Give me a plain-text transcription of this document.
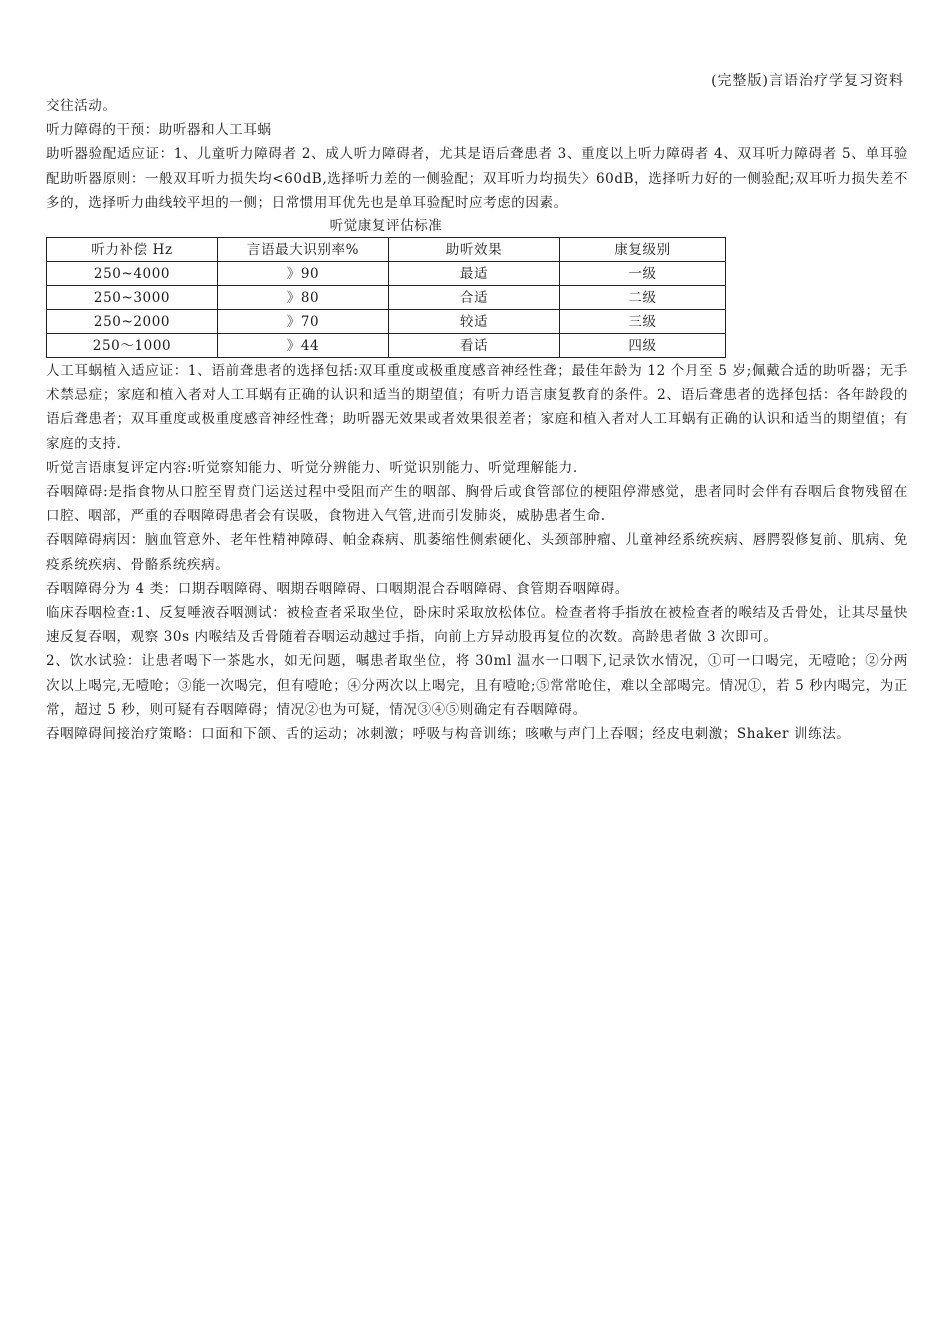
(完整版)言语治疗学复习资料

交往活动。

听力障碍的干预：助听器和人工耳蜗

助听器验配适应证：1、儿童听力障碍者 2、成人听力障碍者，尤其是语后聋患者 3、重度以上听力障碍者 4、双耳听力障碍者 5、单耳验配助听器原则：一般双耳听力损失均<60dB,选择听力差的一侧验配；双耳听力均损失〉60dB，选择听力好的一侧验配;双耳听力损失差不多的，选择听力曲线较平坦的一侧；日常惯用耳优先也是单耳验配时应考虑的因素。

听觉康复评估标准
听力补偿 Hz	言语最大识别率%	助听效果	康复级别
250~4000	》90	最适	一级
250~3000	》80	合适	二级
250~2000	》70	较适	三级
250～1000	》44	看话	四级

人工耳蜗植入适应证：1、语前聋患者的选择包括:双耳重度或极重度感音神经性聋；最佳年龄为 12 个月至 5 岁;佩戴合适的助听器；无手术禁忌症；家庭和植入者对人工耳蜗有正确的认识和适当的期望值；有听力语言康复教育的条件。2、语后聋患者的选择包括：各年龄段的语后聋患者；双耳重度或极重度感音神经性聋；助听器无效果或者效果很差者；家庭和植入者对人工耳蜗有正确的认识和适当的期望值；有家庭的支持.

听觉言语康复评定内容:听觉察知能力、听觉分辨能力、听觉识别能力、听觉理解能力.

吞咽障碍:是指食物从口腔至胃贲门运送过程中受阻而产生的咽部、胸骨后或食管部位的梗阻停滞感觉，患者同时会伴有吞咽后食物残留在口腔、咽部，严重的吞咽障碍患者会有误吸，食物进入气管,进而引发肺炎，威胁患者生命.

吞咽障碍病因：脑血管意外、老年性精神障碍、帕金森病、肌萎缩性侧索硬化、头颈部肿瘤、儿童神经系统疾病、唇腭裂修复前、肌病、免疫系统疾病、骨骼系统疾病。

吞咽障碍分为 4 类：口期吞咽障碍、咽期吞咽障碍、口咽期混合吞咽障碍、食管期吞咽障碍。

临床吞咽检查:1、反复唾液吞咽测试：被检查者采取坐位，卧床时采取放松体位。检查者将手指放在被检查者的喉结及舌骨处，让其尽量快速反复吞咽，观察 30s 内喉结及舌骨随着吞咽运动越过手指，向前上方异动股再复位的次数。高龄患者做 3 次即可。

2、饮水试验：让患者喝下一茶匙水，如无问题，嘱患者取坐位，将 30ml 温水一口咽下,记录饮水情况，①可一口喝完，无噎呛；②分两次以上喝完,无噎呛；③能一次喝完，但有噎呛；④分两次以上喝完，且有噎呛;⑤常常呛住，难以全部喝完。情况①，若 5 秒内喝完，为正常，超过 5 秒，则可疑有吞咽障碍；情况②也为可疑，情况③④⑤则确定有吞咽障碍。

吞咽障碍间接治疗策略：口面和下颌、舌的运动；冰刺激；呼吸与构音训练；咳嗽与声门上吞咽；经皮电刺激；Shaker 训练法。
